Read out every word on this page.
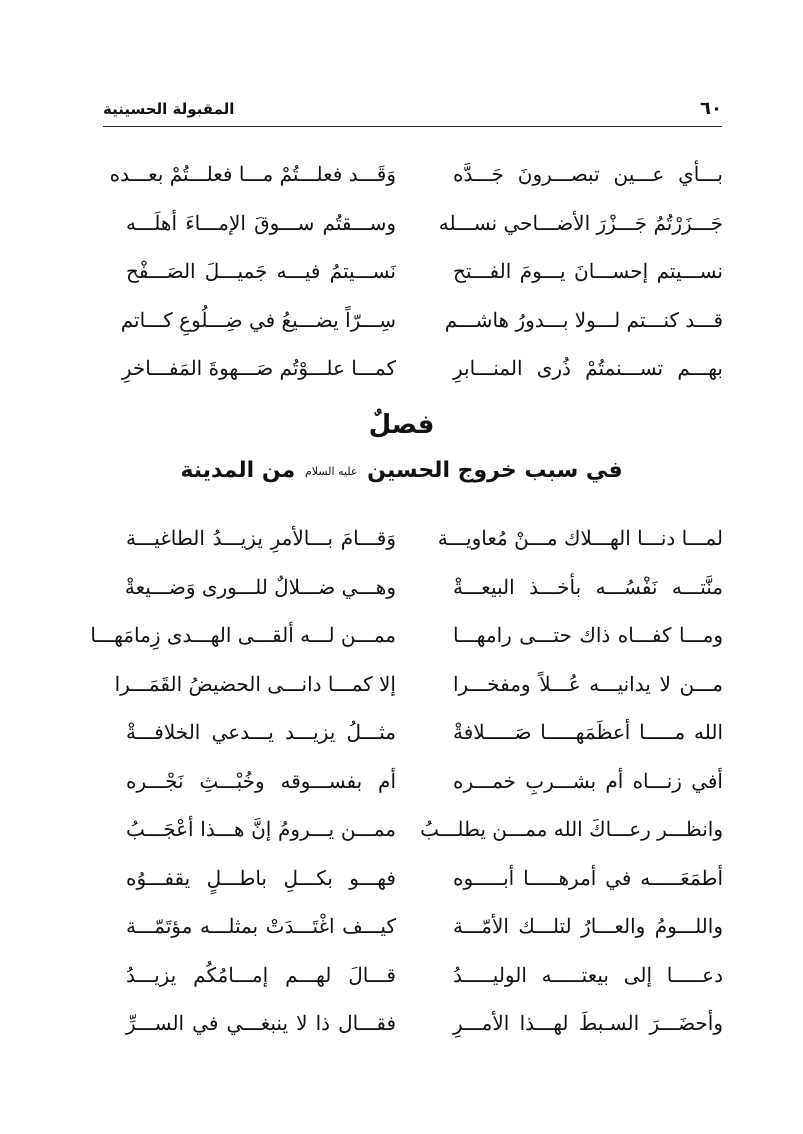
٦٠
المقبولة الحسينية
بـــأي عـــين تبصـــرونَ جَـــدَّه
وَقَـــد فعلـــتُمْ مـــا فعلـــتُمْ بعـــده
جَـــزَرْتُمُ جَـــزْرَ الأضـــاحي نســـله
وســـقتُم ســـوقَ الإمـــاءَ أهلَـــه
نســـيتم إحســـانَ يـــومَ الفـــتح
نَســـيتمُ فيـــه جَميـــلَ الصَـــفْح
قـــد كنـــتم لـــولا بـــدورُ هاشـــم
سِـــرّاً يضـــيعُ في ضِـــلُوعِ كـــاتم
بهـــم تســـنمتُمْ ذُرى المنـــابرِ
كمـــا علـــوْتُم صَـــهوةَ المَفـــاخرِ
فصلٌ
في سبب خروج الحسين عليه السلام من المدينة
لمـــا دنـــا الهـــلاك مـــنْ مُعاويـــة
وَقـــامَ بـــالأمرِ يزيـــدُ الطاغيـــة
منَّتـــه نَفْسُـــه بأخـــذ البيعـــةْ
وهـــي ضـــلالٌ للـــورى وَضـــيعةْ
ومـــا كفـــاه ذاك حتـــى رامهـــا
ممـــن لـــه ألقـــى الهـــدى زِمامَهـــا
مـــن لا يدانيـــه عُـــلاً ومفخـــرا
إلا كمـــا دانـــى الحضيضُ القَمَـــرا
الله مـــــا أعظَمَهـــــا صَـــــلافةْ
مثـــلُ يزيـــد يـــدعي الخلافـــةْ
أفي زنـــاه أم بشـــربِ خمـــره
أم بفســـوقه وخُبْـــثِ نَجْـــره
وانظـــر رعـــاكَ الله ممـــن يطلـــبُ
ممـــن يـــرومُ إنَّ هـــذا أعْجَـــبُ
أطمَعَـــــه في أمرهـــــا أبـــــوه
فهـــو بكـــلِ باطـــلٍ يقفـــوُه
واللـــومُ والعـــارُ لتلـــك الأمّـــة
كيـــف اغْتَـــدَتْ بمثلـــه مؤتَمّـــة
دعـــــا إلى بيعتـــــه الوليـــــدُ
قـــالَ لهـــم إمـــامُكُم يزيـــدُ
وأحضَـــرَ السـبطَ لهـــذا الأمـــرِ
فقـــال ذا لا ينبغـــي في الســـرِّ
